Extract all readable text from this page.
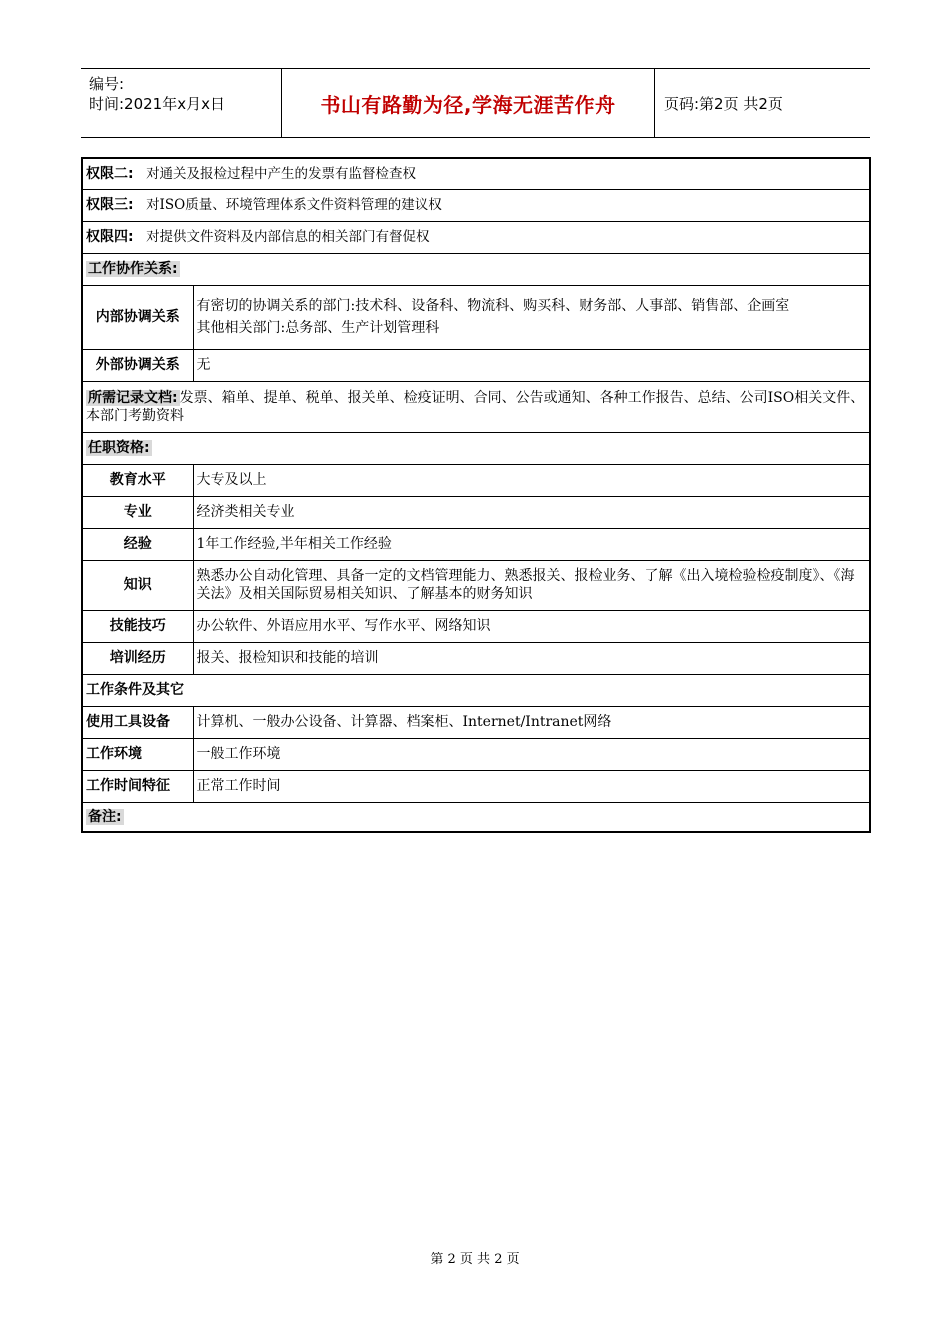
编号:
时间:2021年x月x日	书山有路勤为径,学海无涯苦作舟	页码:第2页 共2页
权限二: 对通关及报检过程中产生的发票有监督检查权	
权限三: 对ISO质量、环境管理体系文件资料管理的建议权	
权限四: 对提供文件资料及内部信息的相关部门有督促权	
工作协作关系:	
内部协调关系	有密切的协调关系的部门:技术科、设备科、物流科、购买科、财务部、人事部、销售部、企画室
其他相关部门:总务部、生产计划管理科

外部协调关系	无
所需记录文档: 发票、箱单、提单、税单、报关单、检疫证明、合同、公告或通知、各种工作报告、总结、公司ISO相关文件、本部门考勤资料	
任职资格:	
教育水平	大专及以上
专业	经济类相关专业
经验	1年工作经验,半年相关工作经验
知识	熟悉办公自动化管理、具备一定的文档管理能力、熟悉报关、报检业务、了解《出入境检验检疫制度》、《海关法》及相关国际贸易相关知识、了解基本的财务知识
技能技巧	办公软件、外语应用水平、写作水平、网络知识
培训经历	报关、报检知识和技能的培训
工作条件及其它	
使用工具设备	计算机、一般办公设备、计算器、档案柜、Internet/Intranet网络
工作环境	一般工作环境
工作时间特征	正常工作时间
备注:	
第 2 页 共 2 页
